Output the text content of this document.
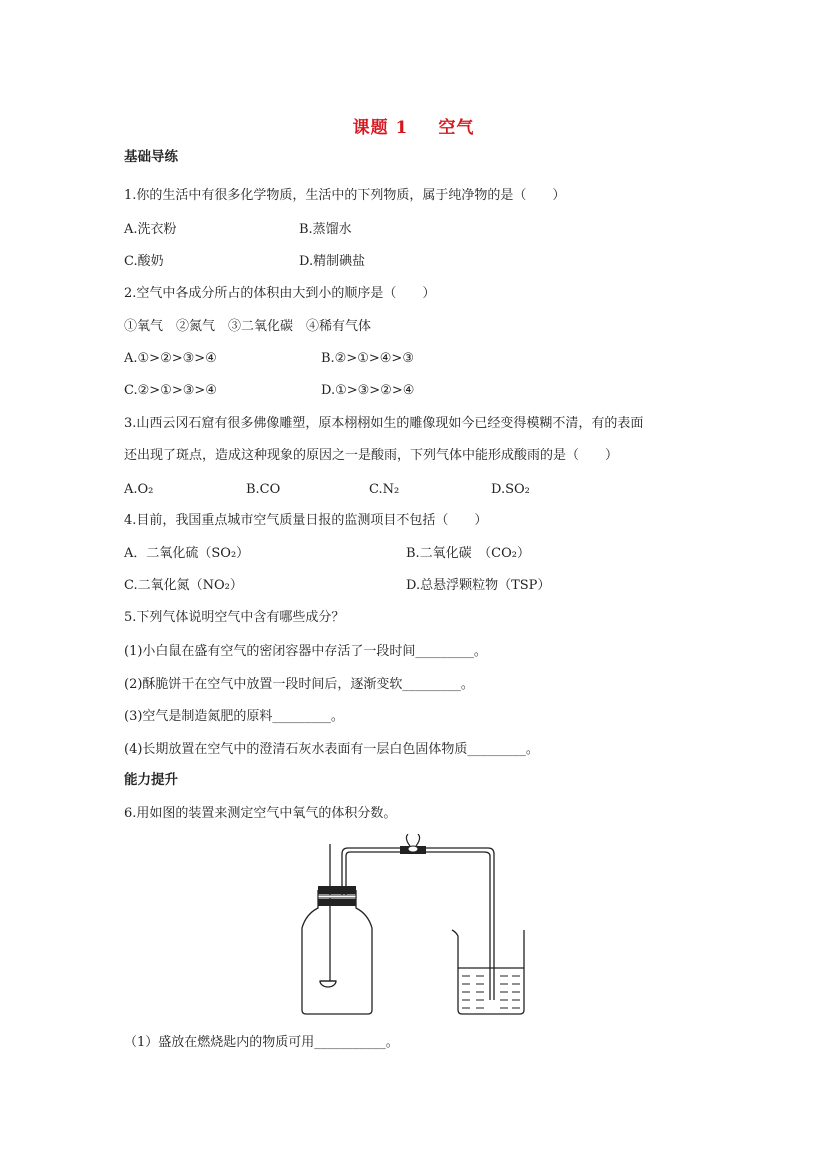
课题 1 空气
基础导练
1.你的生活中有很多化学物质，生活中的下列物质，属于纯净物的是（　　）
A.洗衣粉	B.蒸馏水
C.酸奶	D.精制碘盐
2.空气中各成分所占的体积由大到小的顺序是（　　）
①氧气　②氮气　③二氧化碳　④稀有气体
A.①>②>③>④	B.②>①>④>③
C.②>①>③>④	D.①>③>②>④
3.山西云冈石窟有很多佛像雕塑，原本栩栩如生的雕像现如今已经变得模糊不清，有的表面
还出现了斑点，造成这种现象的原因之一是酸雨，下列气体中能形成酸雨的是（　　）
A.O₂	B.CO	C.N₂	D.SO₂
4.目前，我国重点城市空气质量日报的监测项目不包括（　　）
A．二氧化硫（SO₂）	B.二氧化碳　（CO₂）
C.二氧化氮（NO₂）	D.总悬浮颗粒物（TSP）
5.下列气体说明空气中含有哪些成分？
(1)小白鼠在盛有空气的密闭容器中存活了一段时间_________。
(2)酥脆饼干在空气中放置一段时间后，逐渐变软_________。
(3)空气是制造氮肥的原料_________。
(4)长期放置在空气中的澄清石灰水表面有一层白色固体物质_________。
能力提升
6.用如图的装置来测定空气中氧气的体积分数。
（1）盛放在燃烧匙内的物质可用___________。
